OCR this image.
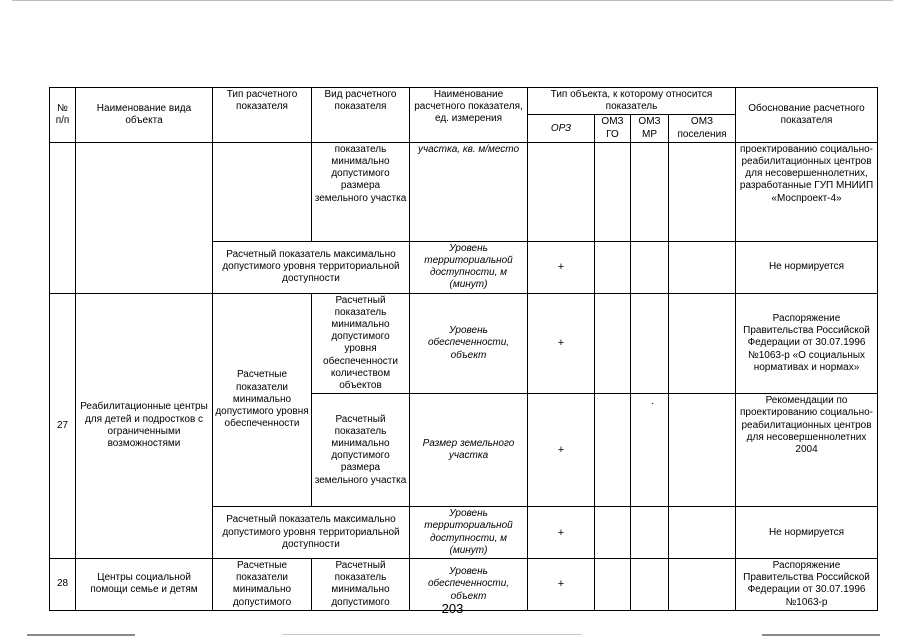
№ п/п	Наименование вида объекта	Тип расчетного показателя	Вид расчетного показателя	Наименование расчетного показателя, ед. измерения	Тип объекта, к которому относится показатель				Обоснование расчетного показателя
					ОРЗ	ОМЗ ГО	ОМЗ МР	ОМЗ поселения	
			показатель минимально допустимого размера земельного участка	участка, кв. м/место					проектированию социально-реабилитационных центров для несовершеннолетних, разработанные ГУП МНИИП «Моспроект-4»
		Расчетный показатель максимально допустимого уровня территориальной доступности		Уровень территориальной доступности, м (минут)	+				Не нормируется
27	Реабилитационные центры для детей и подростков с ограниченными возможностями	Расчетные показатели минимально допустимого уровня обеспеченности	Расчетный показатель минимально допустимого уровня обеспеченности количеством объектов	Уровень обеспеченности, объект	+				Распоряжение Правительства Российской Федерации от 30.07.1996 №1063-р «О социальных нормативах и нормах»
			Расчетный показатель минимально допустимого размера земельного участка	Размер земельного участка	+				Рекомендации по проектированию социально-реабилитационных центров для несовершеннолетних 2004
		Расчетный показатель максимально допустимого уровня территориальной доступности		Уровень территориальной доступности, м (минут)	+				Не нормируется
28	Центры социальной помощи семье и детям	Расчетные показатели минимально допустимого	Расчетный показатель минимально допустимого	Уровень обеспеченности, объект	+				Распоряжение Правительства Российской Федерации от 30.07.1996 №1063-р
·
203
